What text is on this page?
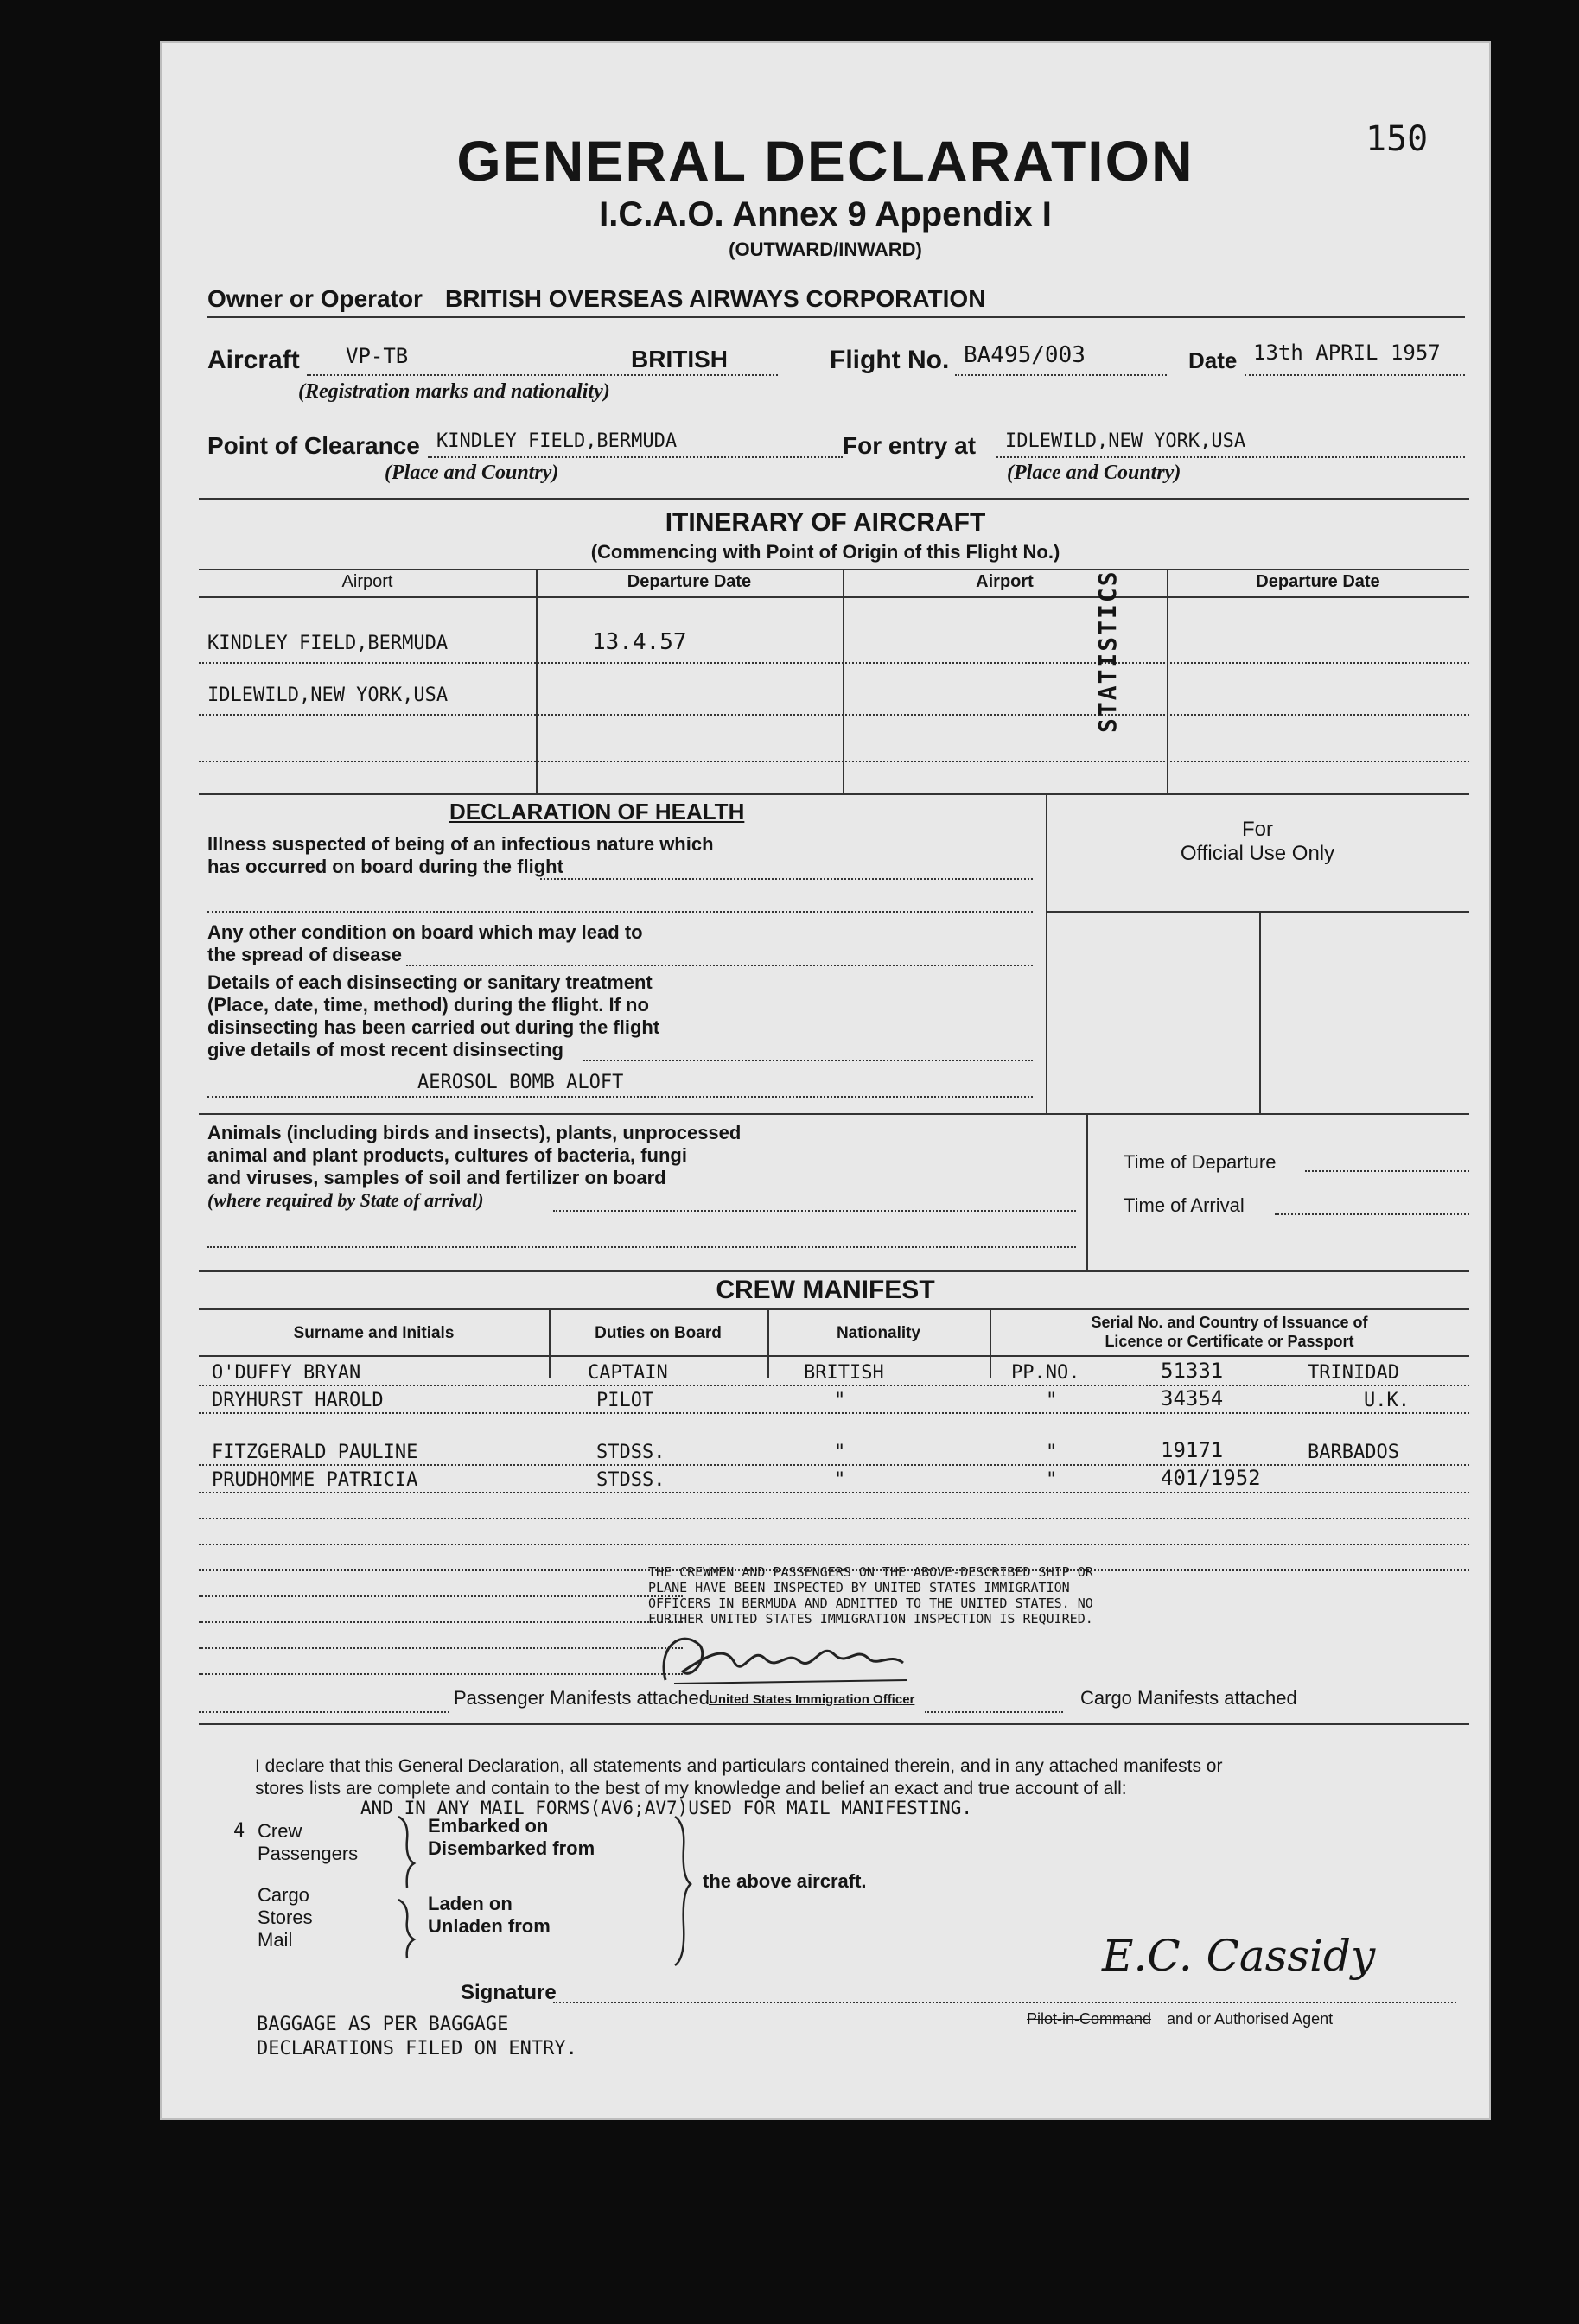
150
GENERAL DECLARATION
I.C.A.O. Annex 9 Appendix I
(OUTWARD/INWARD)
Owner or Operator BRITISH OVERSEAS AIRWAYS CORPORATION
Aircraft VP-TB	BRITISH	Flight No. BA495/003	Date 13th APRIL 1957
(Registration marks and nationality)
Point of Clearance KINDLEY FIELD,BERMUDA
(Place and Country)
For entry at IDLEWILD,NEW YORK,USA
(Place and Country)
ITINERARY OF AIRCRAFT
(Commencing with Point of Origin of this Flight No.)
Airport	Departure Date	Airport	Departure Date
KINDLEY FIELD,BERMUDA	13.4.57
IDLEWILD,NEW YORK,USA	STATISTICS
DECLARATION OF HEALTH
Illness suspected of being of an infectious nature which
has occurred on board during the flight
Any other condition on board which may lead to
the spread of disease
Details of each disinsecting or sanitary treatment
(Place, date, time, method) during the flight. If no
disinsecting has been carried out during the flight
give details of most recent disinsecting
AEROSOL BOMB ALOFT
For
Official Use Only
Animals (including birds and insects), plants, unprocessed
animal and plant products, cultures of bacteria, fungi
and viruses, samples of soil and fertilizer on board
(where required by State of arrival)
Time of Departure
Time of Arrival
CREW MANIFEST
Surname and Initials	Duties on Board	Nationality
Serial No. and Country of Issuance of
Licence or Certificate or Passport
O'DUFFY BRYAN	CAPTAIN	BRITISH	PP.NO.	51331	TRINIDAD
DRYHURST HAROLD	PILOT	"	"	34354	U.K.
FITZGERALD PAULINE	STDSS.	"	"	19171	BARBADOS
PRUDHOMME PATRICIA	STDSS.	"	"	401/1952
THE CREWMEN AND PASSENGERS ON THE ABOVE-DESCRIBED SHIP OR
PLANE HAVE BEEN INSPECTED BY UNITED STATES IMMIGRATION
OFFICERS IN BERMUDA AND ADMITTED TO THE UNITED STATES. NO
FURTHER UNITED STATES IMMIGRATION INSPECTION IS REQUIRED.
United States Immigration Officer
Passenger Manifests attached	Cargo Manifests attached
I declare that this General Declaration, all statements and particulars contained therein, and in any attached manifests or
stores lists are complete and contain to the best of my knowledge and belief an exact and true account of all:
AND IN ANY MAIL FORMS(AV6;AV7)USED FOR MAIL MANIFESTING.
4 Crew
Passengers
Embarked on
Disembarked from
Cargo
Stores
Mail
Laden on
Unladen from
the above aircraft.
Signature
E.C. Cassidy
Pilot-in-Command and or Authorised Agent
BAGGAGE AS PER BAGGAGE
DECLARATIONS FILED ON ENTRY.
